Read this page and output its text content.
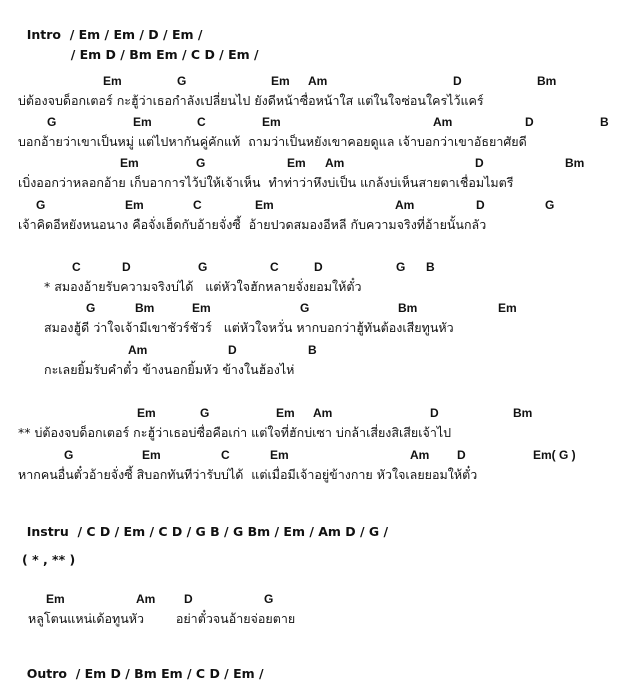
Intro / Em / Em / D / Em /

/ Em D / Bm Em / C D / Em /

บ่ต้องจบด็อกเตอร์ กะฮู้ว่าเธอกำลังเปลี่ยนไป ยังดีหน้าซื่อหน้าใส แต่ในใจซ่อนใครไว้แคร์
บอกอ้ายว่าเขาเป็นหมู่ แต่ไปหากันคู่คักแท้  ถามว่าเป็นหยังเขาคอยดูแล เจ้าบอกว่าเขาอัธยาศัยดี
เบิ่งออกว่าหลอกอ้าย เก็บอาการไว้บ่ให้เจ้าเห็น  ทำท่าว่าหึงบ่เป็น แกล้งบ่เห็นสายตาเชื่อมไมตรี
เจ้าคิดอีหยังหนอนาง คือจั่งเฮ็ดกับอ้ายจั่งซี้  อ้ายปวดสมองอีหลี กับความจริงที่อ้ายนั้นกลัว
* สมองอ้ายรับความจริงบ่ได้   แต่หัวใจฮักหลายจั่งยอมให้ตั๋ว
สมองฮู้ดี ว่าใจเจ้ามีเขาชัวร์ชัวร์   แต่หัวใจหวั่น หากบอกว่าฮู้ทันต้องเสียทูนหัว
กะเลยยิ้มรับคำตั๋ว ข้างนอกยิ้มหัว ข้างในฮ้องไห่
** บ่ต้องจบด็อกเตอร์ กะฮู้ว่าเธอบ่ซื่อคือเก่า แต่ใจที่ฮักบ่เซา บ่กล้าเสี่ยงสิเสียเจ้าไป
หากคนอื่นตั๋วอ้ายจั่งซี้ สิบอกทันทีว่ารับบ่ได้  แต่เมื่อมีเจ้าอยู่ข้างกาย หัวใจเลยยอมให้ตั๋ว

Instru / C D / Em / C D / G B / G Bm / Em / Am D / G /

( * , ** )
หลูโตนแหน่เด้อทูนหัว        อย่าตั๋วจนอ้ายจ่อยตาย

Outro / Em D / Bm Em / C D / Em /

Em	G	Em Am	D	Bm
G	Em	C	Em	Am	D	B
Em	G	Em Am	D	Bm
G	Em	C	Em	Am	D	G
C	D	G	C	D	G B
G	Bm	Em	G	Bm	Em
Am	D	B
Em	G	Em Am	D	Bm
G	Em	C	Em	Am D	Em( G )
Em	Am D	G
